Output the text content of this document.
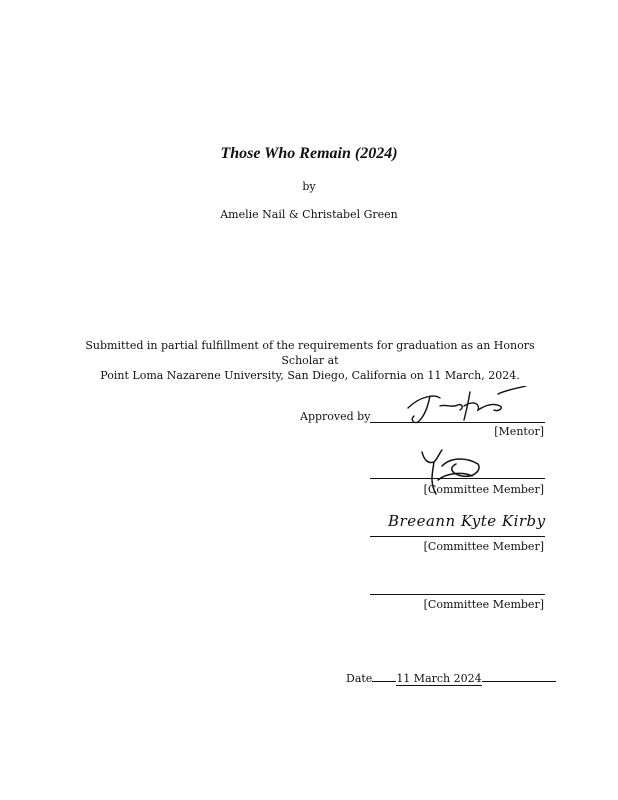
Those Who Remain (2024)
by
Amelie Nail & Christabel Green
Submitted in partial fulfillment of the requirements for graduation as an Honors Scholar at
Point Loma Nazarene University, San Diego, California on 11 March, 2024.
Approved by
[Mentor]
[Committee Member]
Breeann Kyte Kirby
[Committee Member]
[Committee Member]
Date 11 March 2024
